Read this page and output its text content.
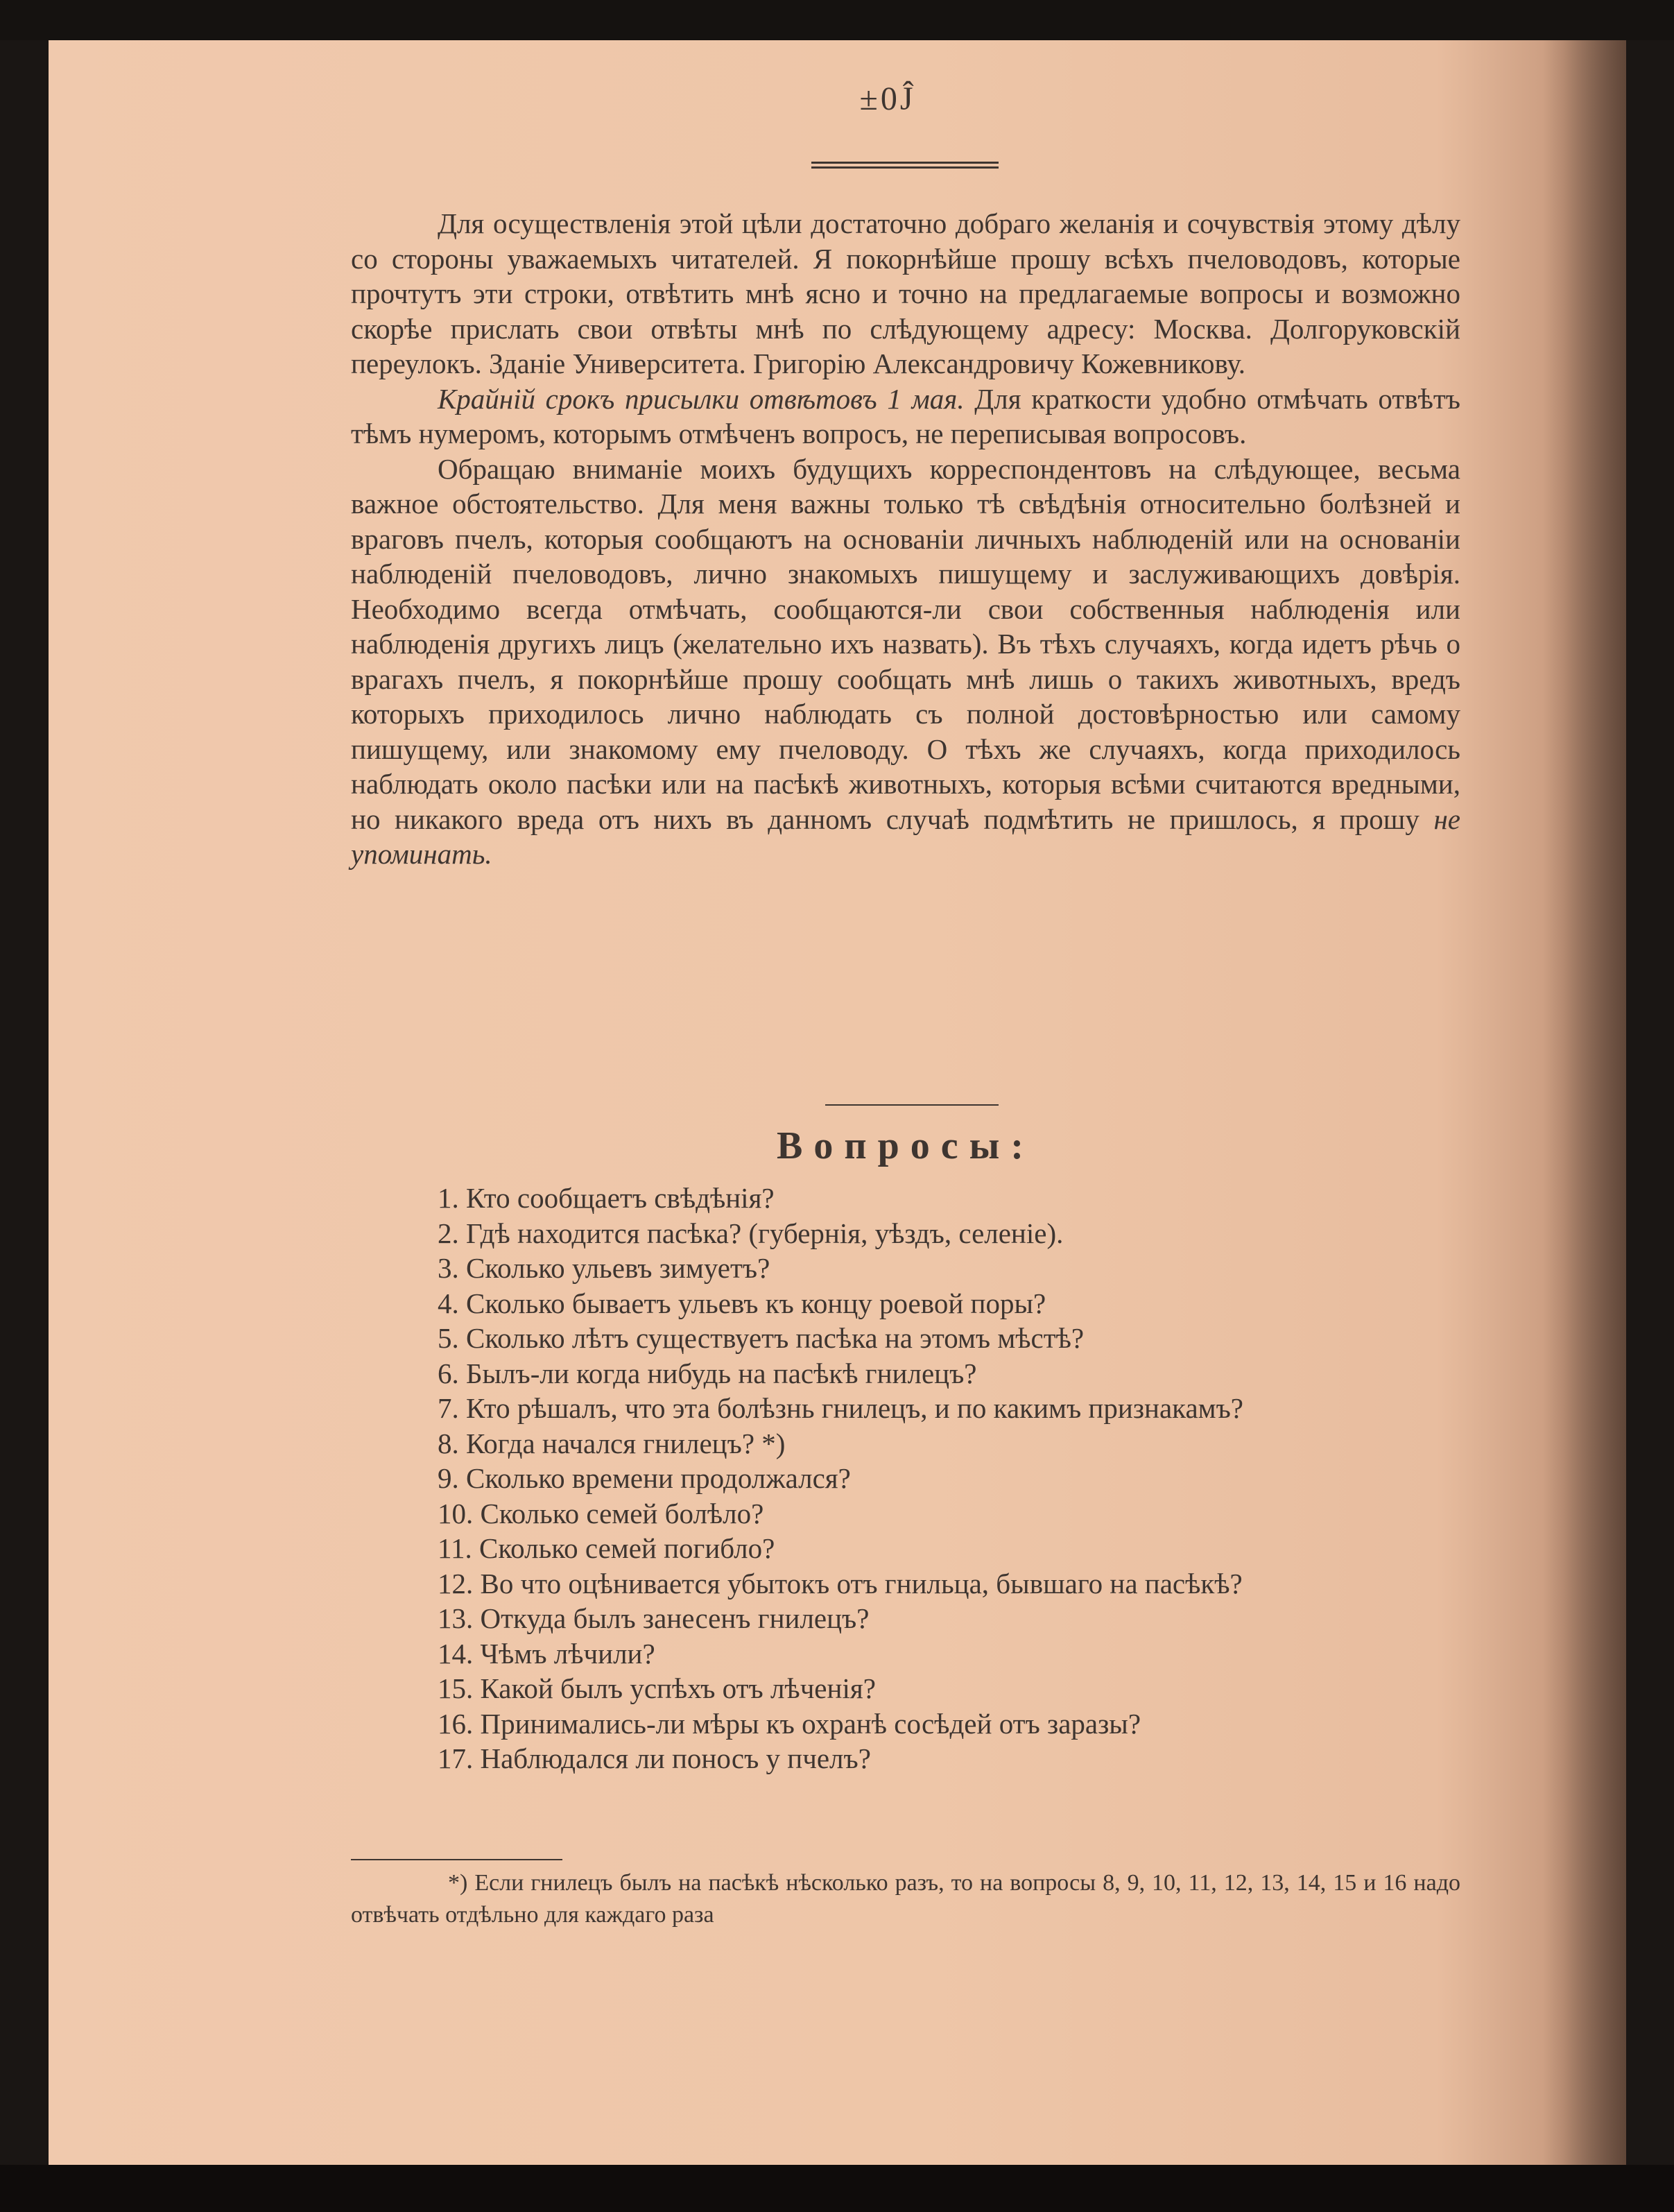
±0Ĵ

Для осуществленія этой цѣли достаточно добраго желанія и сочувствія этому дѣлу со стороны уважаемыхъ читателей. Я покорнѣйше прошу всѣхъ пчеловодовъ, которые прочтутъ эти строки, отвѣтить мнѣ ясно и точно на предлагаемые вопросы и возможно скорѣе прислать свои отвѣты мнѣ по слѣдующему адресу: Москва. Долгоруковскій переулокъ. Зданіе Университета. Григорію Александровичу Кожевникову.

Крайній срокъ присылки отвѣтовъ 1 мая. Для краткости удобно отмѣчать отвѣтъ тѣмъ нумеромъ, которымъ отмѣченъ вопросъ, не переписывая вопросовъ.

Обращаю вниманіе моихъ будущихъ корреспондентовъ на слѣдующее, весьма важное обстоятельство. Для меня важны только тѣ свѣдѣнія относительно болѣзней и враговъ пчелъ, которыя сообщаютъ на основаніи личныхъ наблюденій или на основаніи наблюденій пчеловодовъ, лично знакомыхъ пишущему и заслуживающихъ довѣрія. Необходимо всегда отмѣчать, сообщаются-ли свои собственныя наблюденія или наблюденія другихъ лицъ (желательно ихъ назвать). Въ тѣхъ случаяхъ, когда идетъ рѣчь о врагахъ пчелъ, я покорнѣйше прошу сообщать мнѣ лишь о такихъ животныхъ, вредъ которыхъ приходилось лично наблюдать съ полной достовѣрностью или самому пишущему, или знакомому ему пчеловоду. О тѣхъ же случаяхъ, когда приходилось наблюдать около пасѣки или на пасѣкѣ животныхъ, которыя всѣми считаются вредными, но никакого вреда отъ нихъ въ данномъ случаѣ подмѣтить не пришлось, я прошу не упоминать.

Вопросы:

1. Кто сообщаетъ свѣдѣнія?

2. Гдѣ находится пасѣка? (губернія, уѣздъ, селеніе).

3. Сколько ульевъ зимуетъ?

4. Сколько бываетъ ульевъ къ концу роевой поры?

5. Сколько лѣтъ существуетъ пасѣка на этомъ мѣстѣ?

6. Былъ-ли когда нибудь на пасѣкѣ гнилецъ?

7. Кто рѣшалъ, что эта болѣзнь гнилецъ, и по какимъ признакамъ?

8. Когда начался гнилецъ? *)

9. Сколько времени продолжался?

10. Сколько семей болѣло?

11. Сколько семей погибло?

12. Во что оцѣнивается убытокъ отъ гнильца, бывшаго на пасѣкѣ?

13. Откуда былъ занесенъ гнилецъ?

14. Чѣмъ лѣчили?

15. Какой былъ успѣхъ отъ лѣченія?

16. Принимались-ли мѣры къ охранѣ сосѣдей отъ заразы?

17. Наблюдался ли поносъ у пчелъ?

*) Если гнилецъ былъ на пасѣкѣ нѣсколько разъ, то на вопросы 8, 9, 10, 11, 12, 13, 14, 15 и 16 надо отвѣчать отдѣльно для каждаго раза
